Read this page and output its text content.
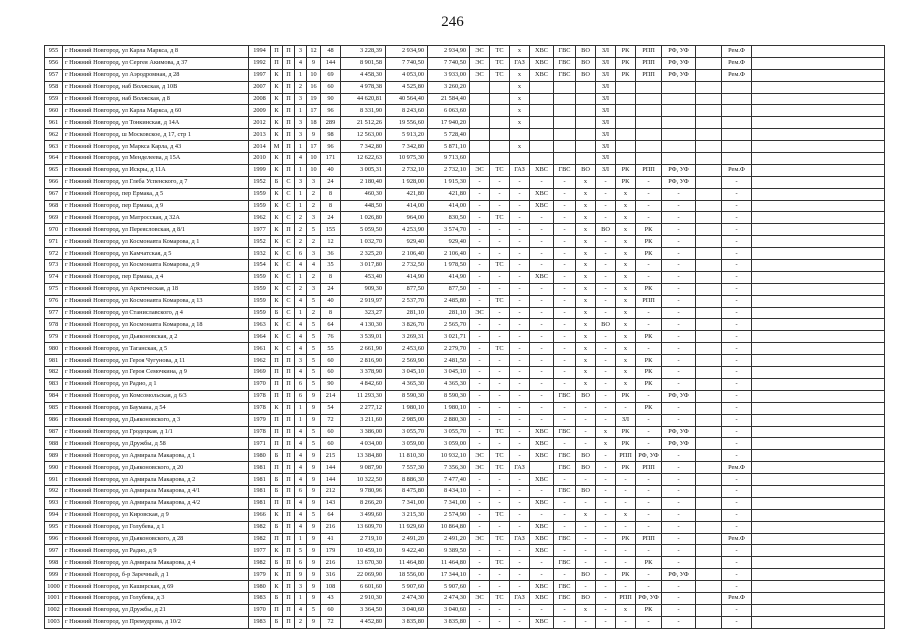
246
955	г Нижний Новгород, ул Карла Маркса, д 8	1994	П	П	3	12	48	3 228,39	2 934,90	2 934,90	ЭС	ТС	х	ХВС	ГВС	ВО	ЗЛ	РК	РПП	РФ, УФ		Рем.Ф	
956	г Нижний Новгород, ул Сергея Акимова, д 37	1992	П	П	4	9	144	8 901,58	7 740,50	7 740,50	ЭС	ТС	ГАЗ	ХВС	ГВС	ВО	ЗЛ	РК	РПП	РФ, УФ		Рем.Ф	
957	г Нижний Новгород, ул Аэродромная, д 28	1997	К	П	1	10	69	4 458,30	4 053,00	3 933,00	ЭС	ТС	х	ХВС	ГВС	ВО	ЗЛ	РК	РПП	РФ, УФ		Рем.Ф	
958	г Нижний Новгород, наб Волжская, д 10В	2007	К	П	2	16	60	4 978,38	4 525,80	3 260,20			х				ЗЛ						
959	г Нижний Новгород, наб Волжская, д 8	2008	К	П	3	19	90	44 620,81	40 564,40	21 584,40			х				ЗЛ						
960	г Нижний Новгород, ул Карла Маркса, д 60	2009	К	П	1	17	96	8 331,90	8 243,60	6 063,60			х				ЗЛ						
961	г Нижний Новгород, ул Тонкинская, д 14А	2012	К	П	3	18	289	21 512,26	19 556,60	17 940,20			х				ЗЛ						
962	г Нижний Новгород, ш Московское, д 17, стр 1	2013	К	П	3	9	98	12 563,00	5 913,20	5 728,40							ЗЛ						
963	г Нижний Новгород, ул Маркса Карла, д 43	2014	М	П	1	17	96	7 342,80	7 342,80	5 871,10			х				ЗЛ						
964	г Нижний Новгород, ул Менделеева, д 15А	2010	К	П	4	10	171	12 622,63	10 975,30	9 713,60							ЗЛ						
965	г Нижний Новгород, ул Искры, д 11А	1999	К	П	1	10	40	3 005,31	2 732,10	2 732,10	ЭС	ТС	ГАЗ	ХВС	ГВС	ВО	ЗЛ	РК	РПП	РФ, УФ		Рем.Ф	
966	г Нижний Новгород, ул Глеба Успенского, д 7	1952	Б	С	3	3	24	2 180,40	1 928,00	1 915,30	-	-	-	-	-	х	-	РК	-	РФ, УФ		-	
967	г Нижний Новгород, пер Ермака, д 5	1959	К	С	1	2	8	460,30	421,80	421,80	-	-	-	ХВС	-	х	-	х	-	-		-	
968	г Нижний Новгород, пер Ермака, д 9	1959	К	С	1	2	8	448,50	414,00	414,00	-	-	-	ХВС	-	х	-	х	-	-		-	
969	г Нижний Новгород, ул Матросская, д 32А	1962	К	С	2	3	24	1 026,80	964,00	830,50	-	ТС	-	-	-	х	-	х	-	-		-	
970	г Нижний Новгород, ул Переясловская, д 8/1	1977	К	П	2	5	155	5 059,50	4 253,90	3 574,70	-	-	-	-	-	х	ВО	х	РК	-		-	
971	г Нижний Новгород, ул Космонавта Комарова, д 1	1952	К	С	2	2	12	1 032,70	929,40	929,40	-	-	-	-	-	х	-	х	РК	-		-	
972	г Нижний Новгород, ул Камчатская, д 5	1932	К	С	6	3	36	2 325,20	2 106,40	2 106,40	-	-	-	-	-	х	-	х	РК	-		-	
973	г Нижний Новгород, ул Космонавта Комарова, д 9	1954	К	С	4	4	35	3 017,80	2 732,50	1 978,50	-	ТС	-	-	-	х	-	х	-	-		-	
974	г Нижний Новгород, пер Ермака, д 4	1959	К	С	1	2	8	453,40	414,90	414,90	-	-	-	ХВС	-	х	-	х	-	-		-	
975	г Нижний Новгород, ул Арктическая, д 18	1959	К	С	2	3	24	909,30	877,50	877,50	-	-	-	-	-	х	-	х	РК	-		-	
976	г Нижний Новгород, ул Космонавта Комарова, д 13	1959	К	С	4	5	40	2 919,97	2 537,70	2 485,80	-	ТС	-	-	-	х	-	х	РПП	-		-	
977	г Нижний Новгород, ул Станиславского, д 4	1959	Б	С	1	2	8	323,27	281,10	281,10	ЭС	-	-	-	-	х	-	х	-	-		-	
978	г Нижний Новгород, ул Космонавта Комарова, д 18	1963	К	С	4	5	64	4 130,30	3 826,70	2 565,70	-	-	-	-	-	х	ВО	х	-	-		-	
979	г Нижний Новгород, ул Дьяконовская, д 2	1964	К	С	4	5	76	3 539,01	3 269,31	3 021,71	-	-	-	-	-	х	-	х	РК	-		-	
980	г Нижний Новгород, ул Таганская, д 5	1961	К	С	4	5	55	2 661,90	2 453,60	2 279,70	-	ТС	-	-	-	х	-	х	-	-		-	
981	г Нижний Новгород, ул Героя Чугунова, д 11	1962	П	П	3	5	60	2 816,90	2 569,90	2 481,50	-	-	-	-	-	х	-	х	РК	-		-	
982	г Нижний Новгород, ул Героя Семочкина, д 9	1969	П	П	4	5	60	3 378,90	3 045,10	3 045,10	-	-	-	-	-	х	-	х	РК	-		-	
983	г Нижний Новгород, ул Радио, д 1	1970	П	П	6	5	90	4 842,60	4 365,30	4 365,30	-	-	-	-	-	х	-	х	РК	-		-	
984	г Нижний Новгород, ул Комсомольская, д 6/3	1978	П	П	6	9	214	11 293,30	8 590,30	8 590,30	-	-	-	-	ГВС	ВО	-	РК	-	РФ, УФ		-	
985	г Нижний Новгород, ул Баумана, д 54	1978	К	П	1	9	54	2 277,12	1 980,10	1 980,10	-	-	-	-	-	-	-	-	РК	-		-	
986	г Нижний Новгород, ул Дьяконовского, д 3	1979	П	П	1	9	72	3 211,60	2 985,00	2 880,30	-	-	-	-	-	-	-	ЗЛ	-	-		-	
987	г Нижний Новгород, ул Гродецкая, д 1/1	1978	П	П	4	5	60	3 386,00	3 055,70	3 055,70	-	ТС	-	ХВС	ГВС	-	х	РК	-	РФ, УФ		-	
988	г Нижний Новгород, ул Дружбы, д 58	1971	П	П	4	5	60	4 034,00	3 059,00	3 059,00	-	-	-	ХВС	-	-	х	РК	-	РФ, УФ		-	
989	г Нижний Новгород, ул Адмирала Макарова, д 1	1980	Б	П	4	9	215	13 384,80	11 810,30	10 932,10	ЭС	ТС	-	ХВС	ГВС	ВО	-	РПП	РФ, УФ	-		-	
990	г Нижний Новгород, ул Дьяконовского, д 20	1981	П	П	4	9	144	9 087,90	7 557,30	7 356,30	ЭС	ТС	ГАЗ		ГВС	ВО	-	РК	РПП	-		Рем.Ф	
991	г Нижний Новгород, ул Адмирала Макарова, д 2	1981	Б	П	4	9	144	10 322,50	8 886,30	7 477,40	-	-	-	ХВС	-	-	-	-	-	-		-	
992	г Нижний Новгород, ул Адмирала Макарова, д 4/1	1981	Б	П	6	9	212	9 780,96	8 475,80	8 434,10	-	-	-	-	ГВС	ВО	-	-	-	-		-	
993	г Нижний Новгород, ул Адмирала Макарова, д 4/2	1981	П	П	4	9	143	8 266,20	7 341,00	7 341,00	-	-	-	ХВС	-	-	-	-	-	-		-	
994	г Нижний Новгород, ул Кировская, д 9	1966	К	П	4	5	64	3 499,60	3 215,30	2 574,90	-	ТС	-	-	-	х	-	х	-	-		-	
995	г Нижний Новгород, ул Голубева, д 1	1982	Б	П	4	9	216	13 609,70	11 929,60	10 864,80	-	-	-	ХВС	-	-	-	-	-	-		-	
996	г Нижний Новгород, ул Дьяконовского, д 28	1982	П	П	1	9	41	2 719,10	2 491,20	2 491,20	ЭС	ТС	ГАЗ	ХВС	ГВС	-	-	РК	РПП	-		Рем.Ф	
997	г Нижний Новгород, ул Радио, д 9	1977	К	П	5	9	179	10 459,10	9 422,40	9 389,50	-	-	-	ХВС	-	-	-	-	-	-		-	
998	г Нижний Новгород, ул Адмирала Макарова, д 4	1982	Б	П	6	9	216	13 670,30	11 464,80	11 464,80	-	ТС	-	-	ГВС	-	-	-	РК	-		-	
999	г Нижний Новгород, б-р Заречный, д 1	1979	К	П	9	9	316	22 069,90	18 556,00	17 344,10	-	-	-	-	-	ВО	-	РК	-	РФ, УФ		-	
1000	г Нижний Новгород, ул Каширская, д 69	1980	К	П	3	9	108	6 601,60	5 907,60	5 907,60	-	-	-	ХВС	ГВС	-	-	-	-	-		-	
1001	г Нижний Новгород, ул Голубева, д 3	1983	Б	П	1	9	43	2 910,30	2 474,30	2 474,30	ЭС	ТС	ГАЗ	ХВС	ГВС	ВО	-	РПП	РФ, УФ	-		Рем.Ф	
1002	г Нижний Новгород, ул Дружбы, д 21	1970	П	П	4	5	60	3 364,50	3 040,60	3 040,60	-	-	-	-	-	х	-	х	РК	-		-	
1003	г Нижний Новгород, ул Премудрова, д 10/2	1983	Б	П	2	9	72	4 452,80	3 835,80	3 835,80	-	-	-	ХВС	-	-	-	-	-	-		-	
